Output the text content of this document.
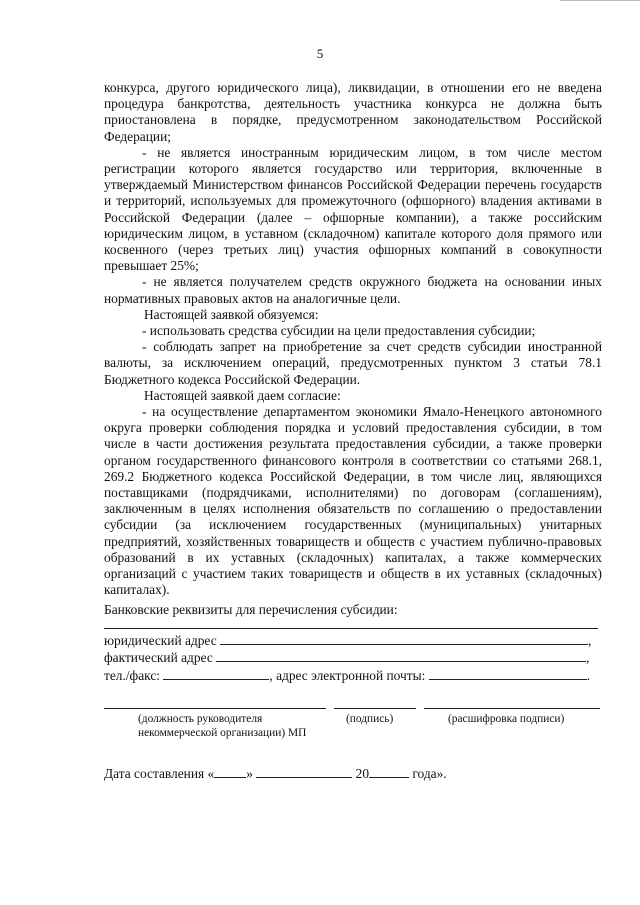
5

конкурса, другого юридического лица), ликвидации, в отношении его не введена процедура банкротства, деятельность участника конкурса не должна быть приостановлена в порядке, предусмотренном законодательством Российской Федерации;

- не является иностранным юридическим лицом, в том числе местом регистрации которого является государство или территория, включенные в утверждаемый Министерством финансов Российской Федерации перечень государств и территорий, используемых для промежуточного (офшорного) владения активами в Российской Федерации (далее – офшорные компании), а также российским юридическим лицом, в уставном (складочном) капитале которого доля прямого или косвенного (через третьих лиц) участия офшорных компаний в совокупности превышает 25%;

- не является получателем средств окружного бюджета на основании иных нормативных правовых актов на аналогичные цели.

Настоящей заявкой обязуемся:

- использовать средства субсидии на цели предоставления субсидии;

- соблюдать запрет на приобретение за счет средств субсидии иностранной валюты, за исключением операций, предусмотренных пунктом 3 статьи 78.1 Бюджетного кодекса Российской Федерации.

Настоящей заявкой даем согласие:

- на осуществление департаментом экономики Ямало-Ненецкого автономного округа проверки соблюдения порядка и условий предоставления субсидии, в том числе в части достижения результата предоставления субсидии, а также проверки органом государственного финансового контроля в соответствии со статьями 268.1, 269.2 Бюджетного кодекса Российской Федерации, в том числе лиц, являющихся поставщиками (подрядчиками, исполнителями) по договорам (соглашениям), заключенным в целях исполнения обязательств по соглашению о предоставлении субсидии (за исключением государственных (муниципальных) унитарных предприятий, хозяйственных товариществ и обществ с участием публично-правовых образований в их уставных (складочных) капиталах, а также коммерческих организаций с участием таких товариществ и обществ в их уставных (складочных) капиталах).

Банковские реквизиты для перечисления субсидии:
юридический адрес	,
фактический адрес	,
тел./факс:	, адрес электронной почты:	.
(должность руководителя некоммерческой организации) МП
(подпись)	(расшифровка подписи)
Дата составления « »	20	года».
